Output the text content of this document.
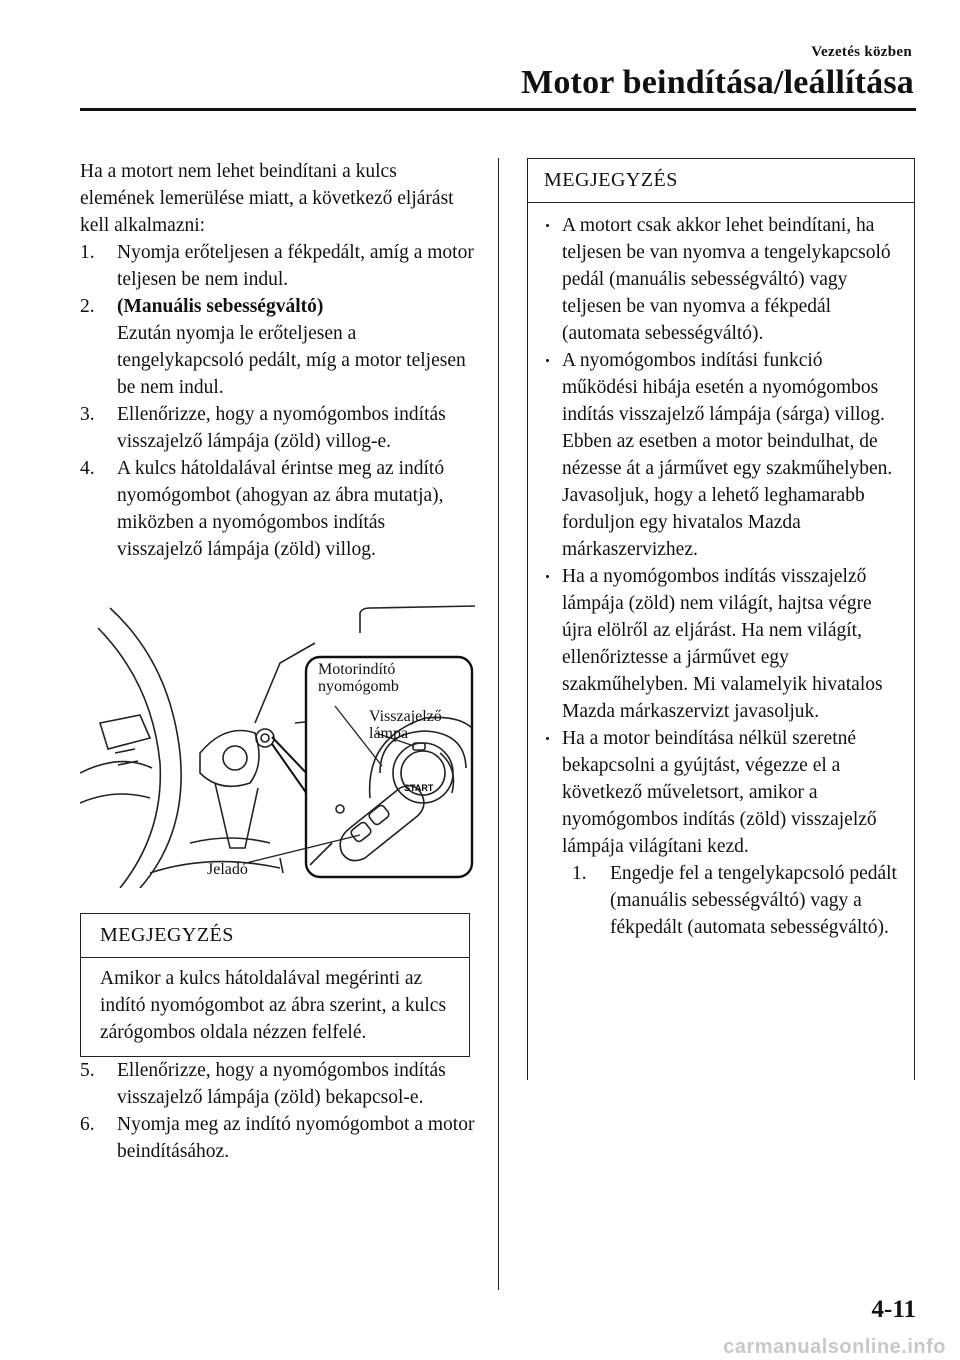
Vezetés közben
Motor beindítása/leállítása

Ha a motort nem lehet beindítani a kulcs elemének lemerülése miatt, a következő eljárást kell alkalmazni:

1. Nyomja erőteljesen a fékpedált, amíg a motor teljesen be nem indul.
2. (Manuális sebességváltó)
Ezután nyomja le erőteljesen a tengelykapcsoló pedált, míg a motor teljesen be nem indul.
3. Ellenőrizze, hogy a nyomógombos indítás visszajelző lámpája (zöld) villog-e.
4. A kulcs hátoldalával érintse meg az indító nyomógombot (ahogyan az ábra mutatja), miközben a nyomógombos indítás visszajelző lámpája (zöld) villog.
START
Motorindító
nyomógomb
Visszajelző
lámpa
Jeladó
MEGJEGYZÉS
Amikor a kulcs hátoldalával megérinti az indító nyomógombot az ábra szerint, a kulcs zárógombos oldala nézzen felfelé.
5. Ellenőrizze, hogy a nyomógombos indítás visszajelző lámpája (zöld) bekapcsol-e.
6. Nyomja meg az indító nyomógombot a motor beindításához.
MEGJEGYZÉS
A motort csak akkor lehet beindítani, ha teljesen be van nyomva a tengelykapcsoló pedál (manuális sebességváltó) vagy teljesen be van nyomva a fékpedál (automata sebességváltó).
A nyomógombos indítási funkció működési hibája esetén a nyomógombos indítás visszajelző lámpája (sárga) villog. Ebben az esetben a motor beindulhat, de nézesse át a járművet egy szakműhelyben. Javasoljuk, hogy a lehető leghamarabb forduljon egy hivatalos Mazda márkaszervizhez.
Ha a nyomógombos indítás visszajelző lámpája (zöld) nem világít, hajtsa végre újra elölről az eljárást. Ha nem világít, ellenőriztesse a járművet egy szakműhelyben. Mi valamelyik hivatalos Mazda márkaszervizt javasoljuk.
Ha a motor beindítása nélkül szeretné bekapcsolni a gyújtást, végezze el a következő műveletsort, amikor a nyomógombos indítás (zöld) visszajelző lámpája világítani kezd.
1. Engedje fel a tengelykapcsoló pedált (manuális sebességváltó) vagy a fékpedált (automata sebességváltó).
4-11
carmanualsonline.info
